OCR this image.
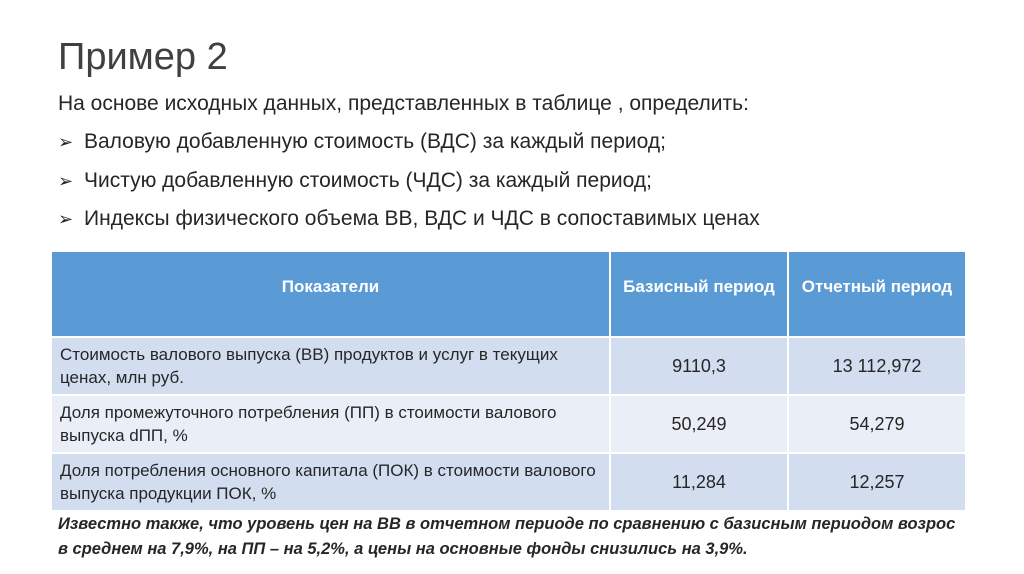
Пример 2
На основе исходных данных, представленных в таблице , определить:
➢ Валовую добавленную стоимость (ВДС) за каждый период;
➢ Чистую добавленную стоимость (ЧДС) за каждый период;
➢ Индексы физического объема ВВ, ВДС и ЧДС в сопоставимых ценах
Показатели	Базисный период	Отчетный период

Стоимость валового выпуска (ВВ) продуктов и услуг в текущих ценах, млн руб.	9110,3	13 112,972
Доля промежуточного потребления (ПП) в стоимости валового выпуска dПП, %	50,249	54,279
Доля потребления основного капитала (ПОК) в стоимости валового выпуска продукции ПОК, %	11,284	12,257
Известно также, что уровень цен на ВВ в отчетном периоде по сравнению с базисным периодом возрос в среднем на 7,9%, на ПП – на 5,2%, а цены на основные фонды снизились на 3,9%.
